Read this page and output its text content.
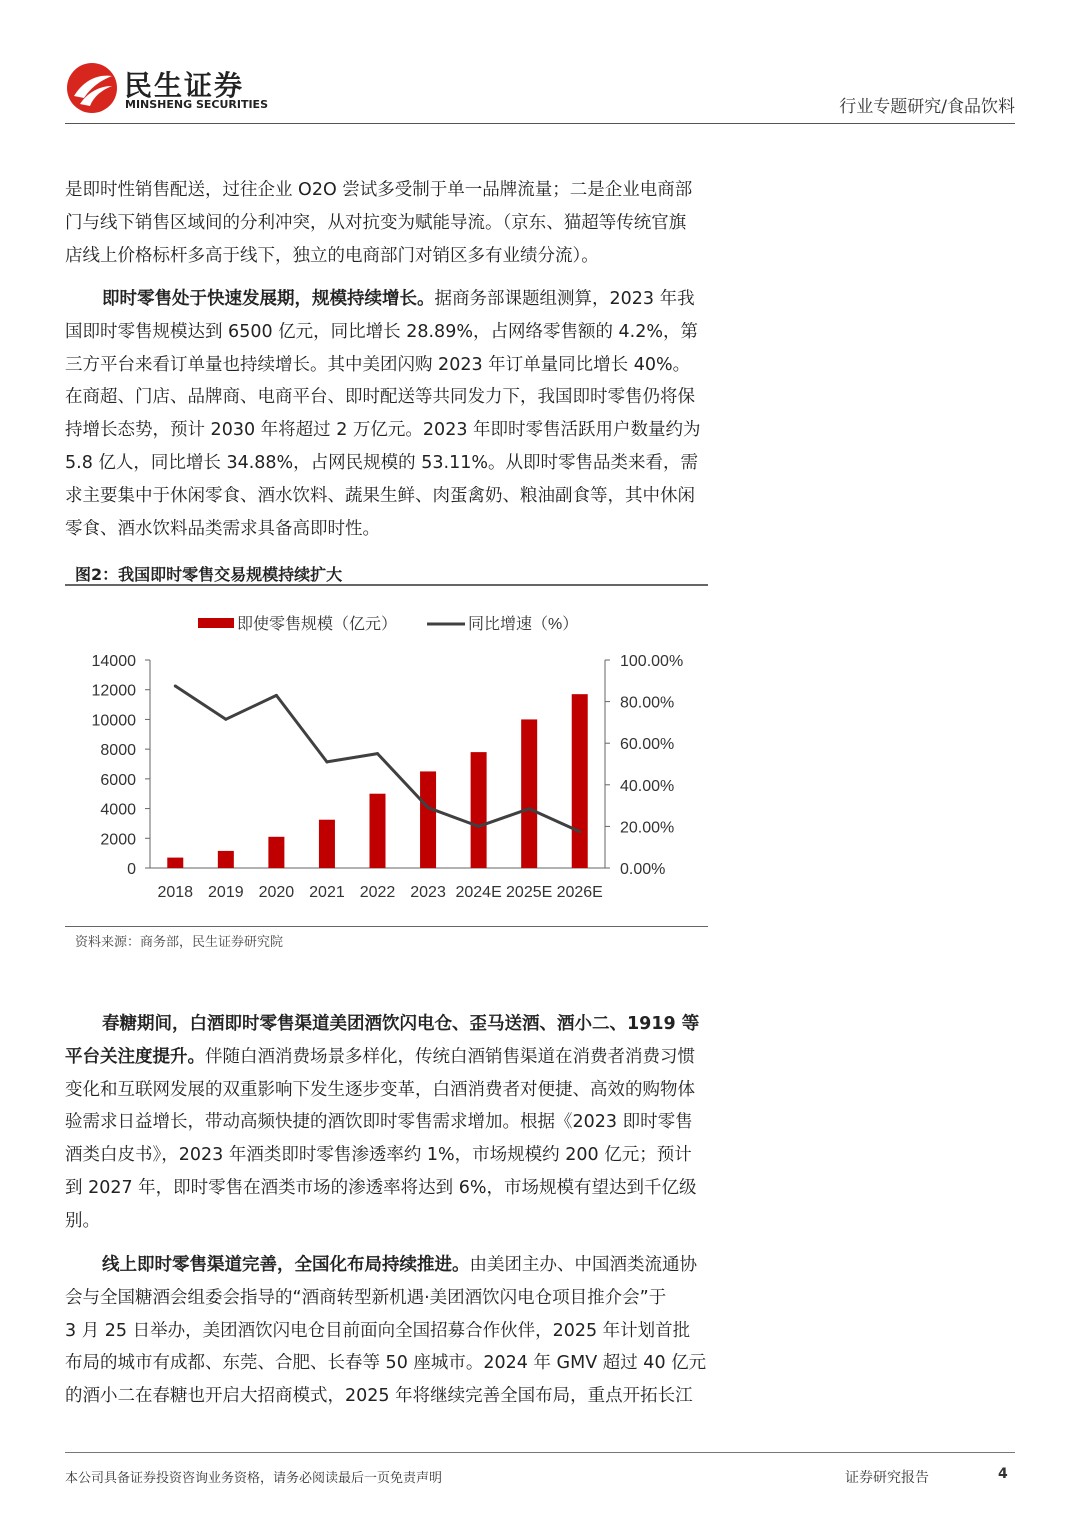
民生证券
MINSHENG SECURITIES	行业专题研究/食品饮料
是即时性销售配送，过往企业 O2O 尝试多受制于单一品牌流量；二是企业电商部
门与线下销售区域间的分利冲突，从对抗变为赋能导流。（京东、猫超等传统官旗
店线上价格标杆多高于线下，独立的电商部门对销区多有业绩分流）。
即时零售处于快速发展期，规模持续增长。据商务部课题组测算，2023 年我
国即时零售规模达到 6500 亿元，同比增长 28.89%，占网络零售额的 4.2%，第
三方平台来看订单量也持续增长。其中美团闪购 2023 年订单量同比增长 40%。
在商超、门店、品牌商、电商平台、即时配送等共同发力下，我国即时零售仍将保
持增长态势，预计 2030 年将超过 2 万亿元。2023 年即时零售活跃用户数量约为
5.8 亿人，同比增长 34.88%，占网民规模的 53.11%。从即时零售品类来看，需
求主要集中于休闲零食、酒水饮料、蔬果生鲜、肉蛋禽奶、粮油副食等，其中休闲
零食、酒水饮料品类需求具备高即时性。
图2：我国即时零售交易规模持续扩大
即使零售规模（亿元）	同比增速（%）
0
2000
4000
6000
8000
10000
12000
14000
0.00%
20.00%
40.00%
60.00%
80.00%
100.00%
2018 2019 2020 2021 2022 2023 2024E 2025E 2026E
资料来源：商务部，民生证券研究院
春糖期间，白酒即时零售渠道美团酒饮闪电仓、歪马送酒、酒小二、1919 等
平台关注度提升。伴随白酒消费场景多样化，传统白酒销售渠道在消费者消费习惯
变化和互联网发展的双重影响下发生逐步变革，白酒消费者对便捷、高效的购物体
验需求日益增长，带动高频快捷的酒饮即时零售需求增加。根据《2023 即时零售
酒类白皮书》，2023 年酒类即时零售渗透率约 1%，市场规模约 200 亿元；预计
到 2027 年，即时零售在酒类市场的渗透率将达到 6%，市场规模有望达到千亿级
别。
线上即时零售渠道完善，全国化布局持续推进。由美团主办、中国酒类流通协
会与全国糖酒会组委会指导的“酒商转型新机遇·美团酒饮闪电仓项目推介会”于
3 月 25 日举办，美团酒饮闪电仓目前面向全国招募合作伙伴，2025 年计划首批
布局的城市有成都、东莞、合肥、长春等 50 座城市。2024 年 GMV 超过 40 亿元
的酒小二在春糖也开启大招商模式，2025 年将继续完善全国布局，重点开拓长江
本公司具备证券投资咨询业务资格，请务必阅读最后一页免责声明	证券研究报告	4
